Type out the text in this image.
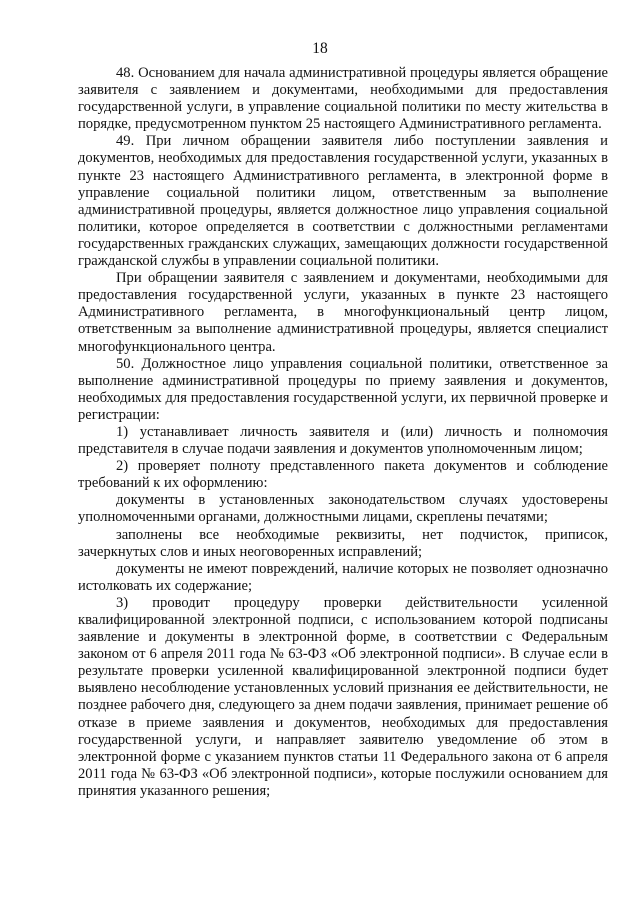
18

48. Основанием для начала административной процедуры является обращение заявителя с заявлением и документами, необходимыми для предоставления государственной услуги, в управление социальной политики по месту жительства в порядке, предусмотренном пунктом 25 настоящего Административного регламента.

49. При личном обращении заявителя либо поступлении заявления и документов, необходимых для предоставления государственной услуги, указанных в пункте 23 настоящего Административного регламента, в электронной форме в управление социальной политики лицом, ответственным за выполнение административной процедуры, является должностное лицо управления социальной политики, которое определяется в соответствии с должностными регламентами государственных гражданских служащих, замещающих должности государственной гражданской службы в управлении социальной политики.

При обращении заявителя с заявлением и документами, необходимыми для предоставления государственной услуги, указанных в пункте 23 настоящего Административного регламента, в многофункциональный центр лицом, ответственным за выполнение административной процедуры, является специалист многофункционального центра.

50. Должностное лицо управления социальной политики, ответственное за выполнение административной процедуры по приему заявления и документов, необходимых для предоставления государственной услуги, их первичной проверке и регистрации:

1) устанавливает личность заявителя и (или) личность и полномочия представителя в случае подачи заявления и документов уполномоченным лицом;

2) проверяет полноту представленного пакета документов и соблюдение требований к их оформлению:

документы в установленных законодательством случаях удостоверены уполномоченными органами, должностными лицами, скреплены печатями;

заполнены все необходимые реквизиты, нет подчисток, приписок, зачеркнутых слов и иных неоговоренных исправлений;

документы не имеют повреждений, наличие которых не позволяет однозначно истолковать их содержание;

3) проводит процедуру проверки действительности усиленной квалифицированной электронной подписи, с использованием которой подписаны заявление и документы в электронной форме, в соответствии с Федеральным законом от 6 апреля 2011 года № 63-ФЗ «Об электронной подписи». В случае если в результате проверки усиленной квалифицированной электронной подписи будет выявлено несоблюдение установленных условий признания ее действительности, не позднее рабочего дня, следующего за днем подачи заявления, принимает решение об отказе в приеме заявления и документов, необходимых для предоставления государственной услуги, и направляет заявителю уведомление об этом в электронной форме с указанием пунктов статьи 11 Федерального закона от 6 апреля 2011 года № 63-ФЗ «Об электронной подписи», которые послужили основанием для принятия указанного решения;
